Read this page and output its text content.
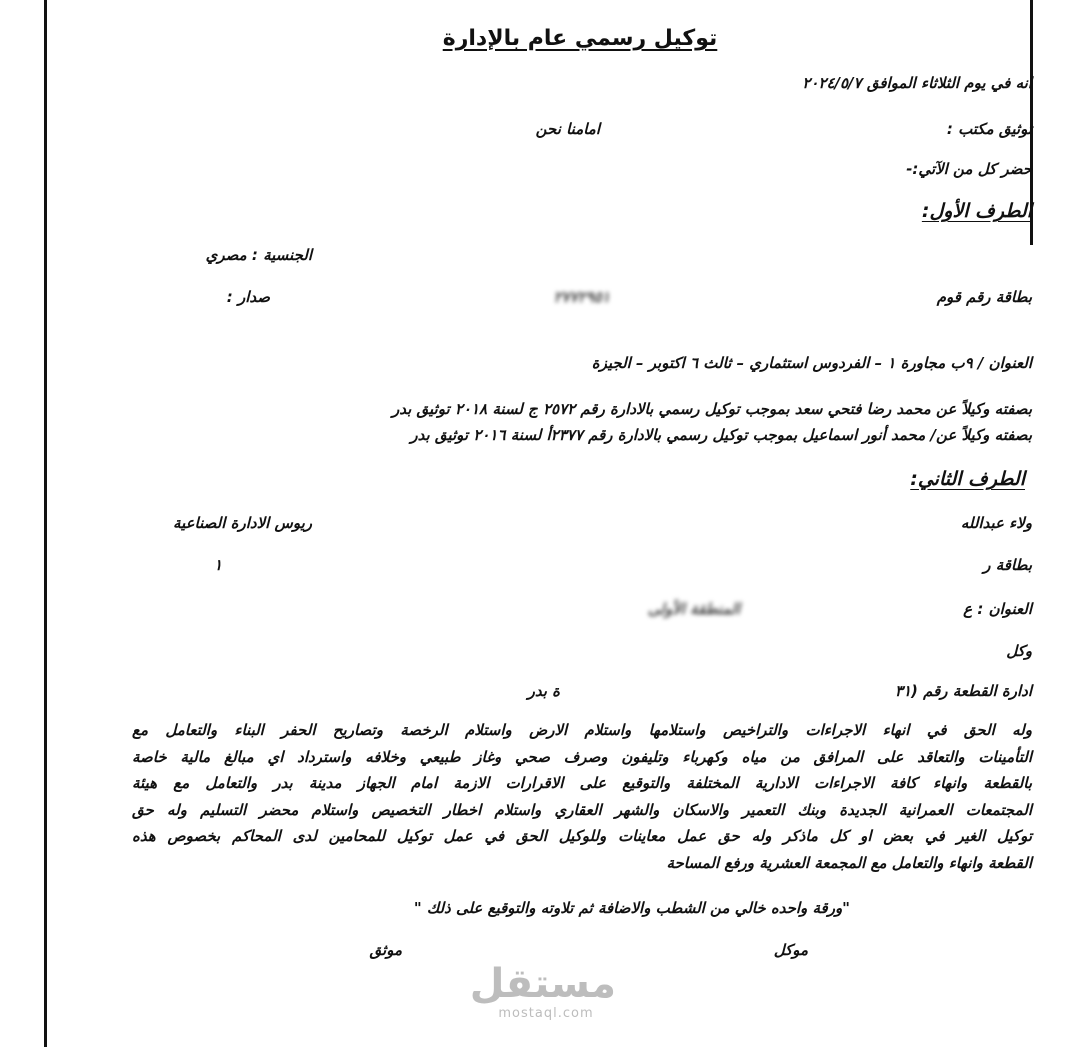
توكيل رسمي عام بالإدارة
انه في يوم الثلاثاء الموافق ٢٠٢٤/٥/٧
توثيق مكتب :
امامنا نحن
حضر كل من الآتي:-
الطرف الأول:
الجنسية : مصري
بطاقة رقم قوم
٢٧٧٢٩٥١
صدار :
العنوان / ٩ب مجاورة ١ – الفردوس استثماري – ثالث ٦ اكتوبر – الجيزة
بصفته وكيلاً عن محمد رضا فتحي سعد بموجب توكيل رسمي بالادارة رقم ٢٥٧٢ ج لسنة ٢٠١٨ توثيق بدر
بصفته وكيلاً عن/ محمد أنور اسماعيل بموجب توكيل رسمي بالادارة رقم ٢٣٧٧أ لسنة ٢٠١٦ توثيق بدر
الطرف الثاني:
ولاء عبدالله
ريوس الادارة الصناعية
بطاقة ر
١
العنوان : ع
المنطقة الأولى
وكل
ادارة القطعة رقم (٣١
ة بدر
وله الحق في انهاء الاجراءات والتراخيص واستلامها واستلام الارض واستلام الرخصة وتصاريح الحفر البناء والتعامل مع
التأمينات والتعاقد على المرافق من مياه وكهرباء وتليفون وصرف صحي وغاز طبيعي وخلافه واسترداد اي مبالغ مالية خاصة
بالقطعة وانهاء كافة الاجراءات الادارية المختلفة والتوقيع على الاقرارات الازمة امام الجهاز مدينة بدر والتعامل مع هيئة
المجتمعات العمرانية الجديدة وبنك التعمير والاسكان والشهر العقاري واستلام اخطار التخصيص واستلام محضر التسليم وله حق
توكيل الغير في بعض او كل ماذكر وله حق عمل معاينات وللوكيل الحق في عمل توكيل للمحامين لدى المحاكم بخصوص هذه
القطعة وانهاء والتعامل مع المجمعة العشرية ورفع المساحة
"ورقة واحده خالي من الشطب والاضافة ثم تلاوته والتوقيع على ذلك "
موكل
موثق
مستقل
mostaql.com
